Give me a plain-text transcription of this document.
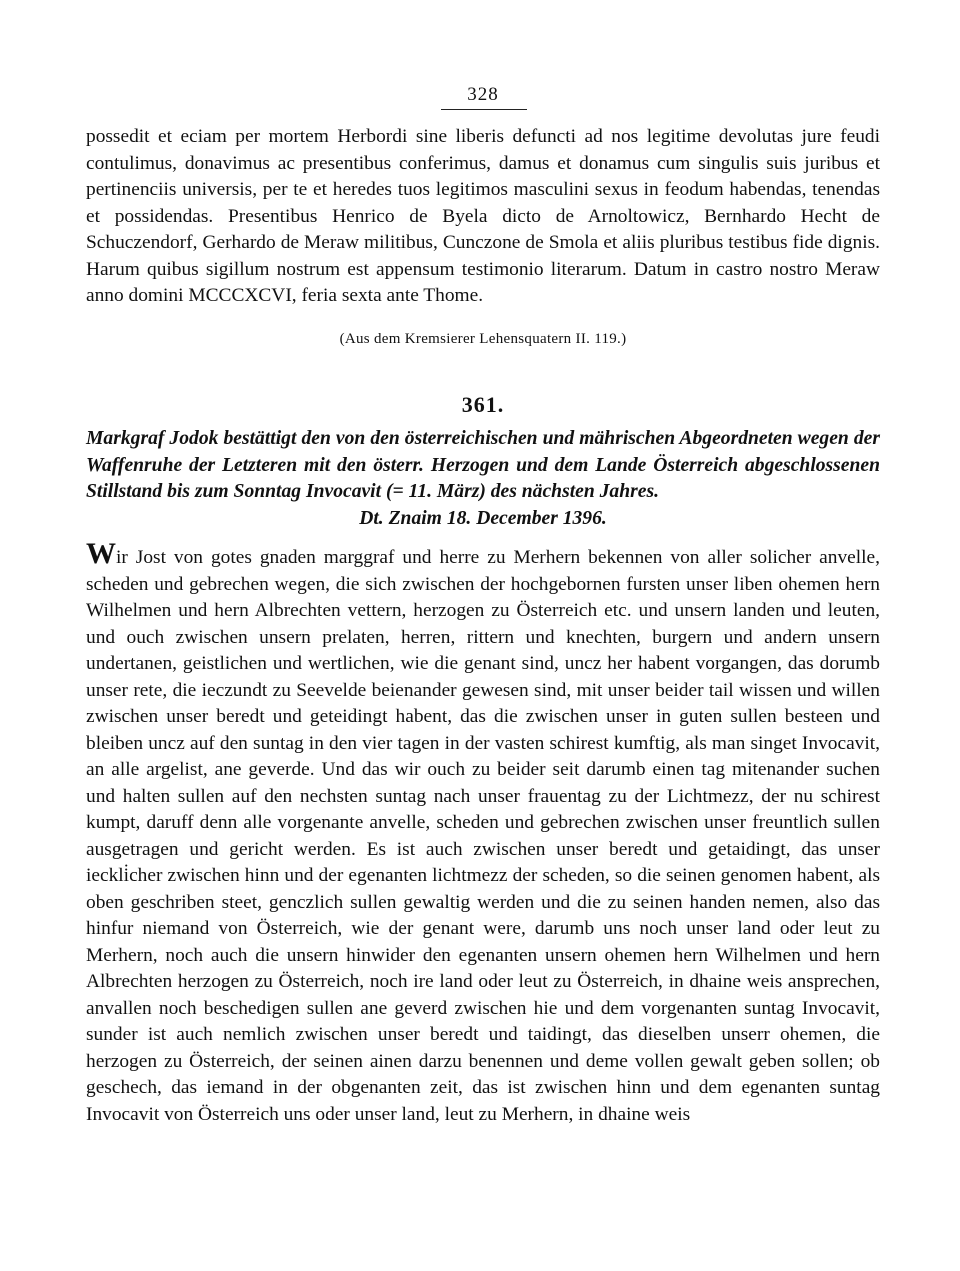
328

possedit et eciam per mortem Herbordi sine liberis defuncti ad nos legitime devolutas jure feudi contulimus, donavimus ac presentibus conferimus, damus et donamus cum singulis suis juribus et pertinenciis universis, per te et heredes tuos legitimos masculini sexus in feodum habendas, tenendas et possidendas. Presentibus Henrico de Byela dicto de Arnoltowicz, Bernhardo Hecht de Schuczendorf, Gerhardo de Meraw militibus, Cunczone de Smola et aliis pluribus testibus fide dignis. Harum quibus sigillum nostrum est appensum testimonio literarum. Datum in castro nostro Meraw anno domini MCCCXCVI, feria sexta ante Thome.

(Aus dem Kremsierer Lehensquatern II. 119.)
361.

Markgraf Jodok bestättigt den von den österreichischen und mährischen Abgeordneten wegen der Waffenruhe der Letzteren mit den österr. Herzogen und dem Lande Österreich abgeschlossenen Stillstand bis zum Sonntag Invocavit (= 11. März) des nächsten Jahres.

Dt. Znaim 18. December 1396.

Wir Jost von gotes gnaden marggraf und herre zu Merhern bekennen von aller solicher anvelle, scheden und gebrechen wegen, die sich zwischen der hochgebornen fursten unser liben ohemen hern Wilhelmen und hern Albrechten vettern, herzogen zu Österreich etc. und unsern landen und leuten, und ouch zwischen unsern prelaten, herren, rittern und knechten, burgern und andern unsern undertanen, geistlichen und wertlichen, wie die genant sind, uncz her habent vorgangen, das dorumb unser rete, die ieczundt zu Seevelde beienander gewesen sind, mit unser beider tail wissen und willen zwischen unser beredt und geteidingt habent, das die zwischen unser in guten sullen besteen und bleiben uncz auf den suntag in den vier tagen in der vasten schirest kumftig, als man singet Invocavit, an alle argelist, ane geverde. Und das wir ouch zu beider seit darumb einen tag mitenander suchen und halten sullen auf den nechsten suntag nach unser frauentag zu der Lichtmezz, der nu schirest kumpt, daruff denn alle vorgenante anvelle, scheden und gebrechen zwischen unser freuntlich sullen ausgetragen und gericht werden. Es ist auch zwischen unser beredt und getaidingt, das unser ieckli̇cher zwischen hinn und der egenanten lichtmezz der scheden, so die seinen genomen habent, als oben geschriben steet, genczlich sullen gewaltig werden und die zu seinen handen nemen, also das hinfur niemand von Österreich, wie der genant were, darumb uns noch unser land oder leut zu Merhern, noch auch die unsern hinwider den egenanten unsern ohemen hern Wilhelmen und hern Albrechten herzogen zu Österreich, noch ire land oder leut zu Österreich, in dhaine weis ansprechen, anvallen noch beschedigen sullen ane geverd zwischen hie und dem vorgenanten suntag Invocavit, sunder ist auch nemlich zwischen unser beredt und taidingt, das dieselben unserr ohemen, die herzogen zu Österreich, der seinen ainen darzu benennen und deme vollen gewalt geben sollen; ob geschech, das iemand in der obgenanten zeit, das ist zwischen hinn und dem egenanten suntag Invocavit von Österreich uns oder unser land, leut zu Merhern, in dhaine weis
